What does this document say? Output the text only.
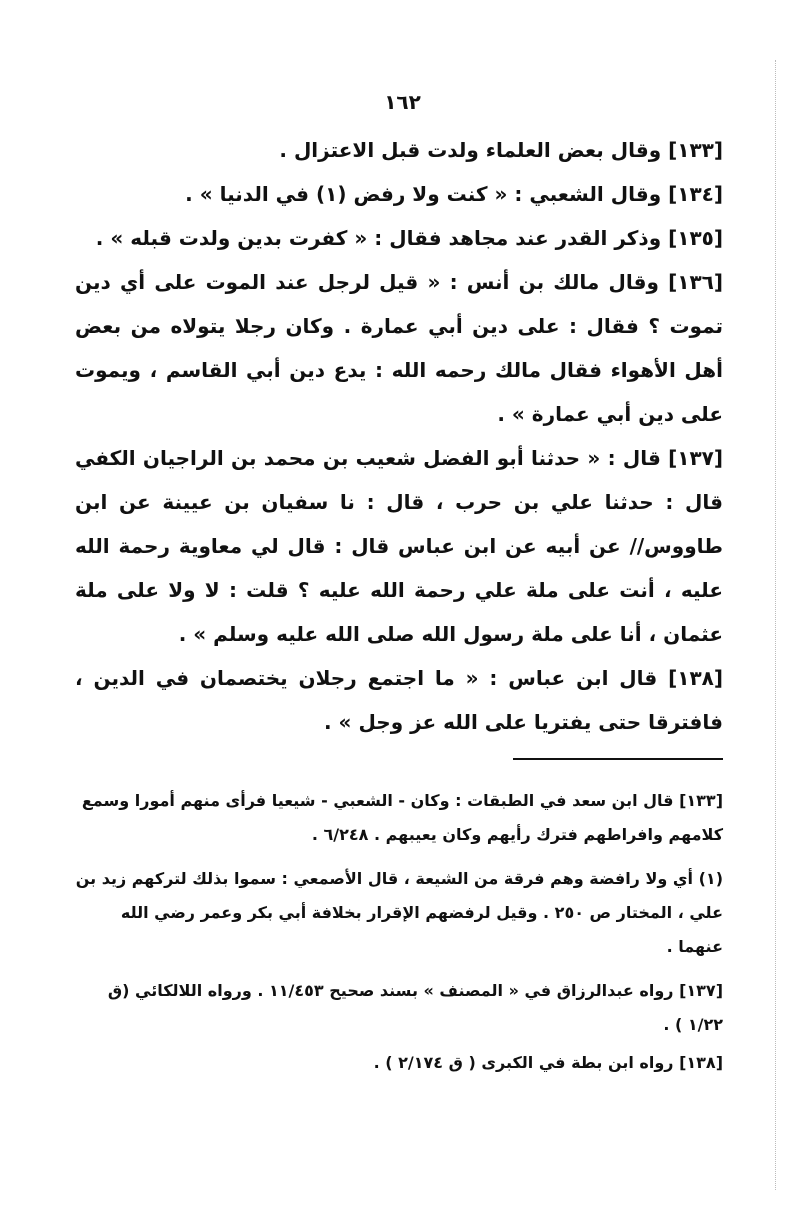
١٦٢

[١٣٣] وقال بعض العلماء ولدت قبل الاعتزال .

[١٣٤] وقال الشعبي : « كنت ولا رفض (١) في الدنيا » .

[١٣٥] وذكر القدر عند مجاهد فقال : « كفرت بدين ولدت قبله » .

[١٣٦] وقال مالك بن أنس : « قيل لرجل عند الموت على أي دين تموت ؟ فقال : على دين أبي عمارة . وكان رجلا يتولاه من بعض أهل الأهواء فقال مالك رحمه الله : يدع دين أبي القاسم ، ويموت على دين أبي عمارة » .

[١٣٧] قال : « حدثنا أبو الفضل شعيب بن محمد بن الراجيان الكفي قال : حدثنا علي بن حرب ، قال : نا سفيان بن عيينة عن ابن طاووس// عن أبيه عن ابن عباس قال : قال لي معاوية رحمة الله عليه ، أنت على ملة علي رحمة الله عليه ؟ قلت : لا ولا على ملة عثمان ، أنا على ملة رسول الله صلى الله عليه وسلم » .

[١٣٨] قال ابن عباس : « ما اجتمع رجلان يختصمان في الدين ، فافترقا حتى يفتريا على الله عز وجل » .

[١٣٣] قال ابن سعد في الطبقات : وكان - الشعبي - شيعيا فرأى منهم أمورا وسمع كلامهم وافراطهم فترك رأيهم وكان يعيبهم . ٦/٢٤٨ .

(١) أي ولا رافضة وهم فرقة من الشيعة ، قال الأصمعي : سموا بذلك لتركهم زيد بن علي ، المختار ص ٢٥٠ . وقيل لرفضهم الإقرار بخلافة أبي بكر وعمر رضي الله عنهما .

[١٣٧] رواه عبدالرزاق في « المصنف » بسند صحيح ١١/٤٥٣ . ورواه اللالكائي (ق ١/٢٢ ) .

[١٣٨] رواه ابن بطة في الكبرى ( ق ٢/١٧٤ ) .
